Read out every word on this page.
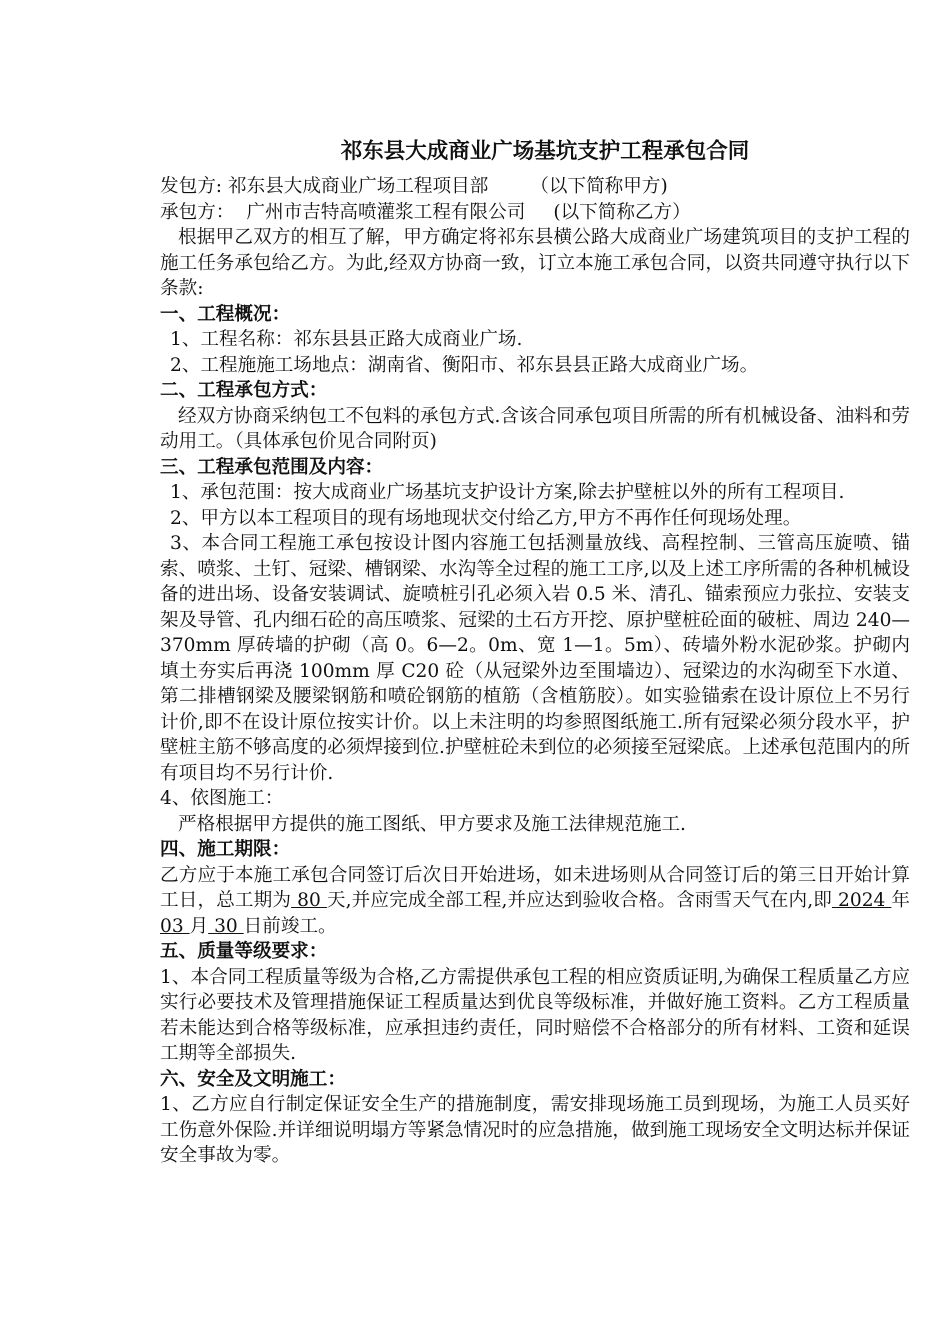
祁东县大成商业广场基坑支护工程承包合同
发包方: 祁东县大成商业广场工程项目部 （以下简称甲方)
承包方： 广州市吉特高喷灌浆工程有限公司 (以下简称乙方）

根据甲乙双方的相互了解，甲方确定将祁东县横公路大成商业广场建筑项目的支护工程的施工任务承包给乙方。为此,经双方协商一致，订立本施工承包合同，以资共同遵守执行以下条款:

一、工程概况：

1、工程名称：祁东县县正路大成商业广场.

2、工程施施工场地点：湖南省、衡阳市、祁东县县正路大成商业广场。

二、工程承包方式：

经双方协商采纳包工不包料的承包方式.含该合同承包项目所需的所有机械设备、油料和劳动用工。（具体承包价见合同附页)

三、工程承包范围及内容：

1、承包范围：按大成商业广场基坑支护设计方案,除去护壁桩以外的所有工程项目.

2、甲方以本工程项目的现有场地现状交付给乙方,甲方不再作任何现场处理。

3、本合同工程施工承包按设计图内容施工包括测量放线、高程控制、三管高压旋喷、锚索、喷浆、土钉、冠梁、槽钢梁、水沟等全过程的施工工序,以及上述工序所需的各种机械设备的进出场、设备安装调试、旋喷桩引孔必须入岩 0.5 米、清孔、锚索预应力张拉、安装支架及导管、孔内细石砼的高压喷浆、冠梁的土石方开挖、原护壁桩砼面的破桩、周边 240—370mm 厚砖墙的护砌（高 0。6—2。0m、宽 1—1。5m）、砖墙外粉水泥砂浆。护砌内填土夯实后再浇 100mm 厚 C20 砼（从冠梁外边至围墙边）、冠梁边的水沟砌至下水道、第二排槽钢梁及腰梁钢筋和喷砼钢筋的植筋（含植筋胶）。如实验锚索在设计原位上不另行计价,即不在设计原位按实计价。以上未注明的均参照图纸施工.所有冠梁必须分段水平，护壁桩主筋不够高度的必须焊接到位.护壁桩砼未到位的必须接至冠梁底。上述承包范围内的所有项目均不另行计价.

4、依图施工：

严格根据甲方提供的施工图纸、甲方要求及施工法律规范施工.

四、施工期限：

乙方应于本施工承包合同签订后次日开始进场，如未进场则从合同签订后的第三日开始计算工日，总工期为 80 天,并应完成全部工程,并应达到验收合格。含雨雪天气在内,即 2024 年 03 月 30 日前竣工。

五、质量等级要求：

1、本合同工程质量等级为合格,乙方需提供承包工程的相应资质证明,为确保工程质量乙方应实行必要技术及管理措施保证工程质量达到优良等级标准，并做好施工资料。乙方工程质量若未能达到合格等级标准，应承担违约责任，同时赔偿不合格部分的所有材料、工资和延误工期等全部损失.

六、安全及文明施工：

1、乙方应自行制定保证安全生产的措施制度，需安排现场施工员到现场，为施工人员买好工伤意外保险.并详细说明塌方等紧急情况时的应急措施，做到施工现场安全文明达标并保证安全事故为零。
